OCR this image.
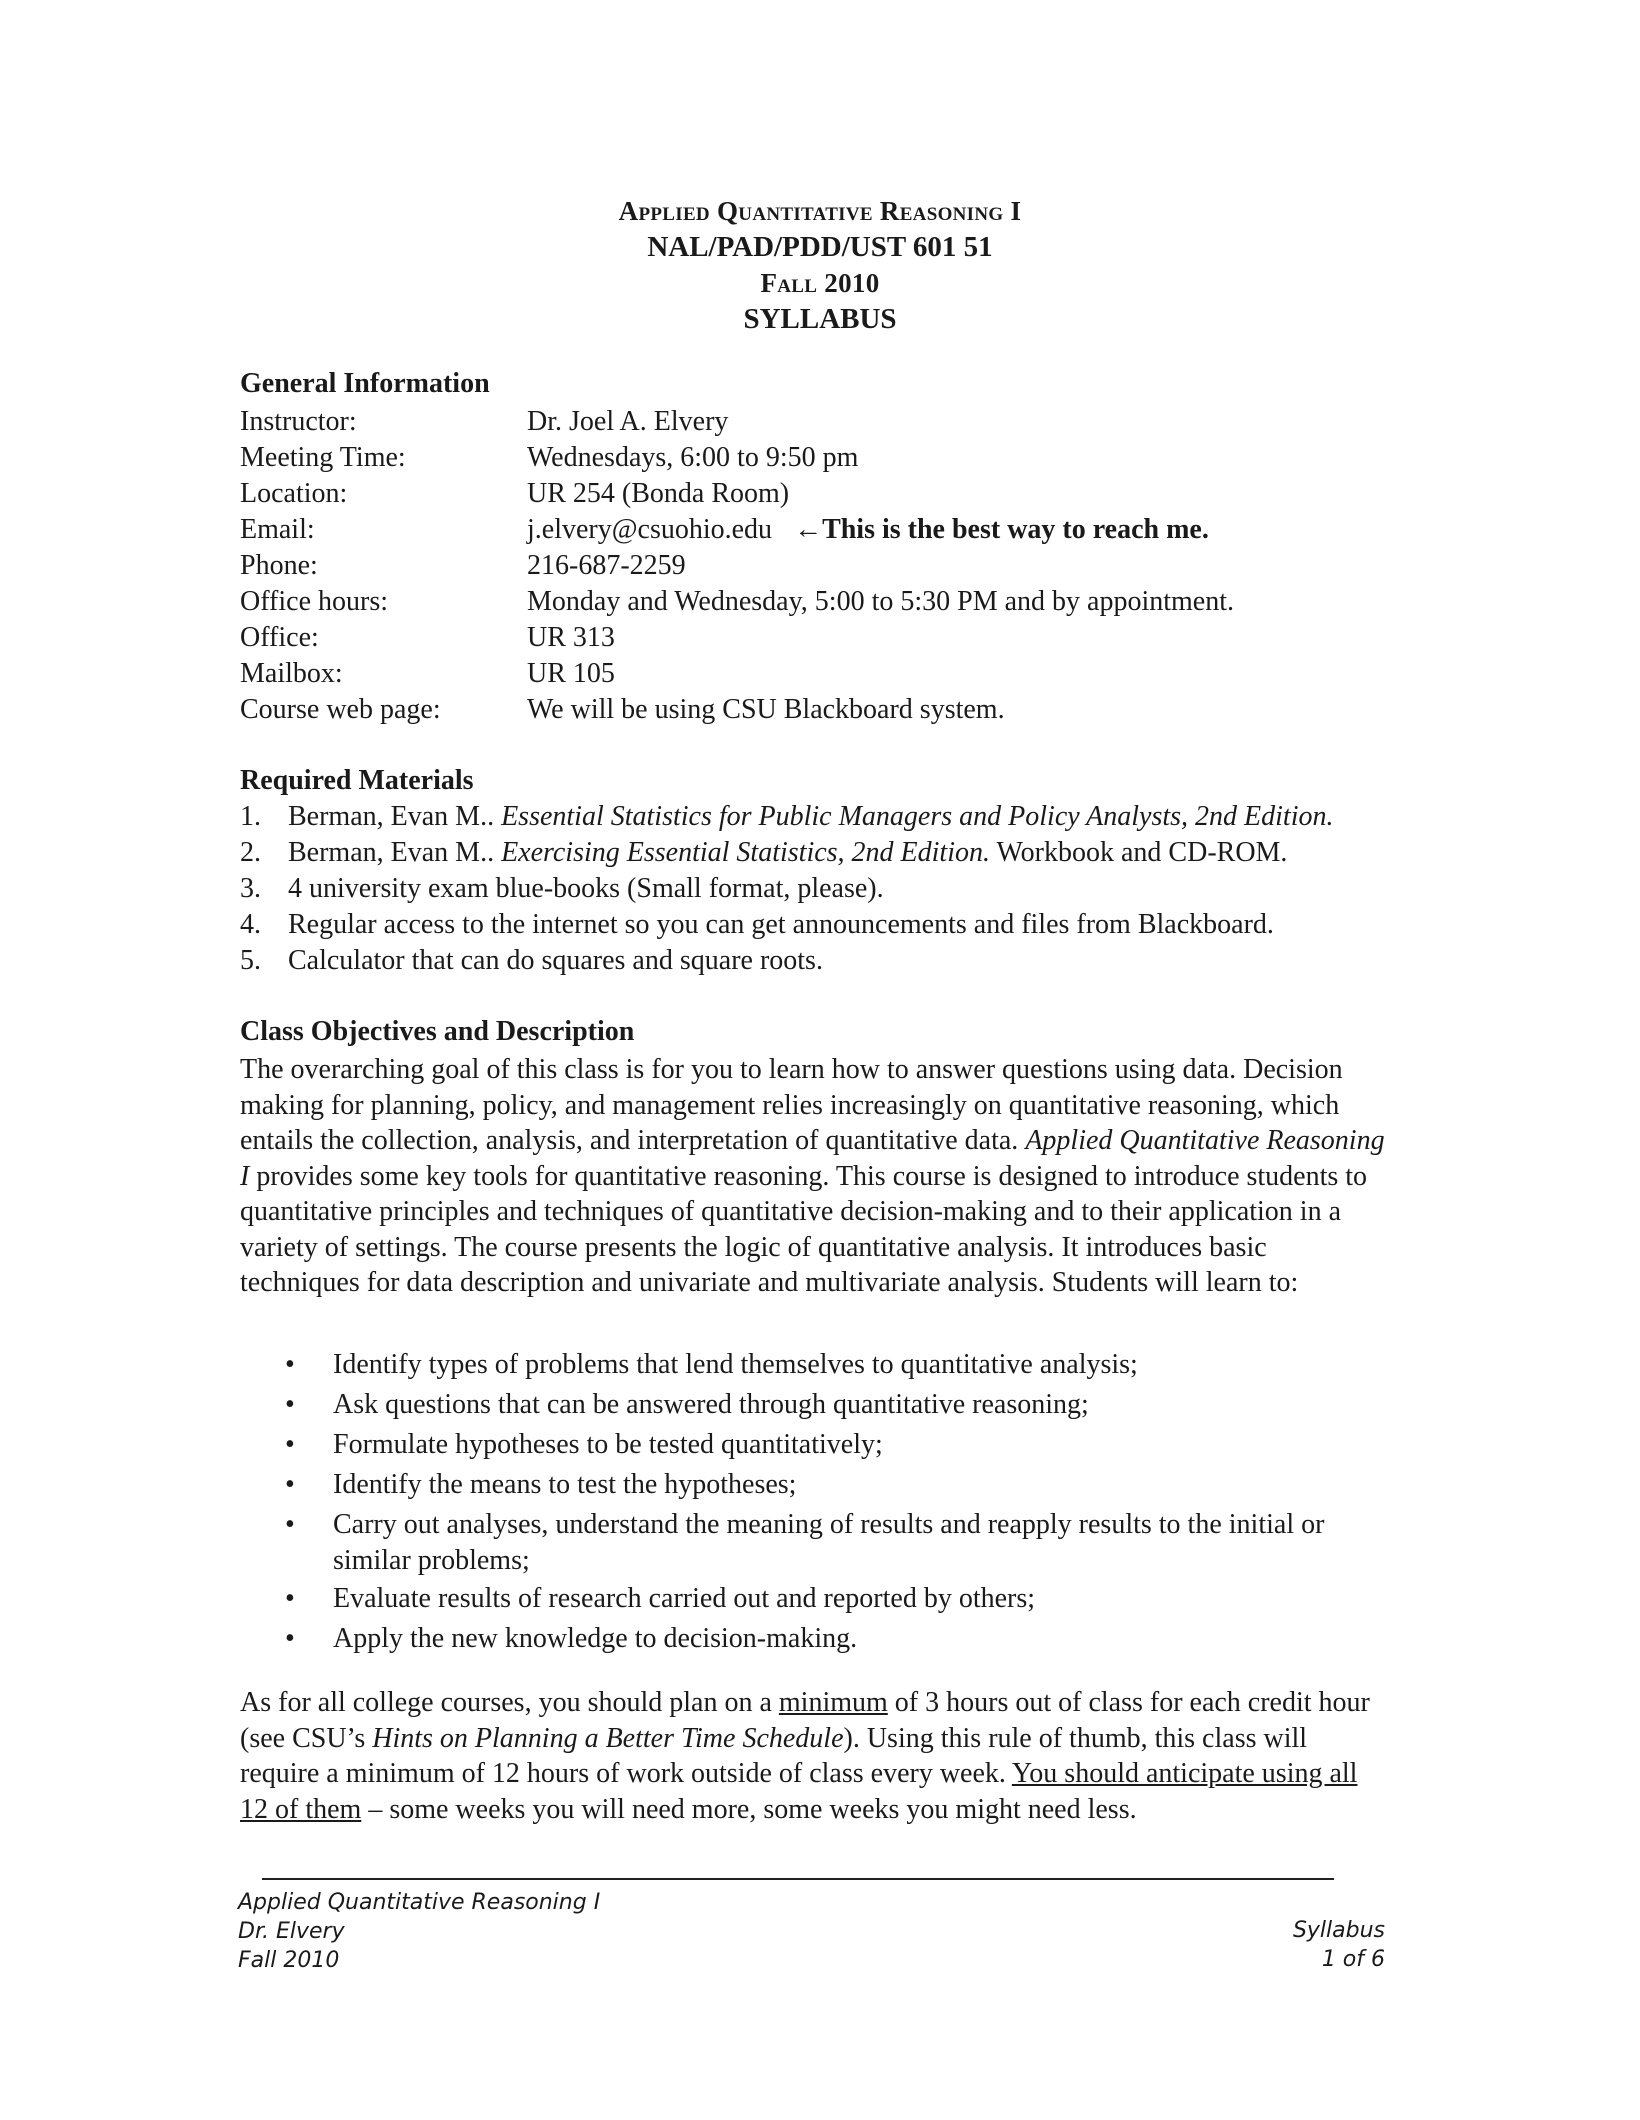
Applied Quantitative Reasoning I
NAL/PAD/PDD/UST 601 51
Fall 2010
SYLLABUS
General Information
Instructor:	Dr. Joel A. Elvery
Meeting Time:	Wednesdays, 6:00 to 9:50 pm
Location:	UR 254 (Bonda Room)
Email:	j.elvery@csuohio.edu ←This is the best way to reach me.
Phone:	216-687-2259
Office hours:	Monday and Wednesday, 5:00 to 5:30 PM and by appointment.
Office:	UR 313
Mailbox:	UR 105
Course web page:	We will be using CSU Blackboard system.
Required Materials
1. Berman, Evan M.. Essential Statistics for Public Managers and Policy Analysts, 2nd Edition.
2. Berman, Evan M.. Exercising Essential Statistics, 2nd Edition. Workbook and CD-ROM.
3. 4 university exam blue-books (Small format, please).
4. Regular access to the internet so you can get announcements and files from Blackboard.
5. Calculator that can do squares and square roots.
Class Objectives and Description

The overarching goal of this class is for you to learn how to answer questions using data. Decision making for planning, policy, and management relies increasingly on quantitative reasoning, which entails the collection, analysis, and interpretation of quantitative data. Applied Quantitative Reasoning I provides some key tools for quantitative reasoning. This course is designed to introduce students to quantitative principles and techniques of quantitative decision-making and to their application in a variety of settings. The course presents the logic of quantitative analysis. It introduces basic techniques for data description and univariate and multivariate analysis. Students will learn to:

• Identify types of problems that lend themselves to quantitative analysis;
• Ask questions that can be answered through quantitative reasoning;
• Formulate hypotheses to be tested quantitatively;
• Identify the means to test the hypotheses;
• Carry out analyses, understand the meaning of results and reapply results to the initial or similar problems;
• Evaluate results of research carried out and reported by others;
• Apply the new knowledge to decision-making.

As for all college courses, you should plan on a minimum of 3 hours out of class for each credit hour (see CSU’s Hints on Planning a Better Time Schedule). Using this rule of thumb, this class will require a minimum of 12 hours of work outside of class every week. You should anticipate using all 12 of them – some weeks you will need more, some weeks you might need less.

Applied Quantitative Reasoning I
Dr. Elvery
Fall 2010
Syllabus
1 of 6
